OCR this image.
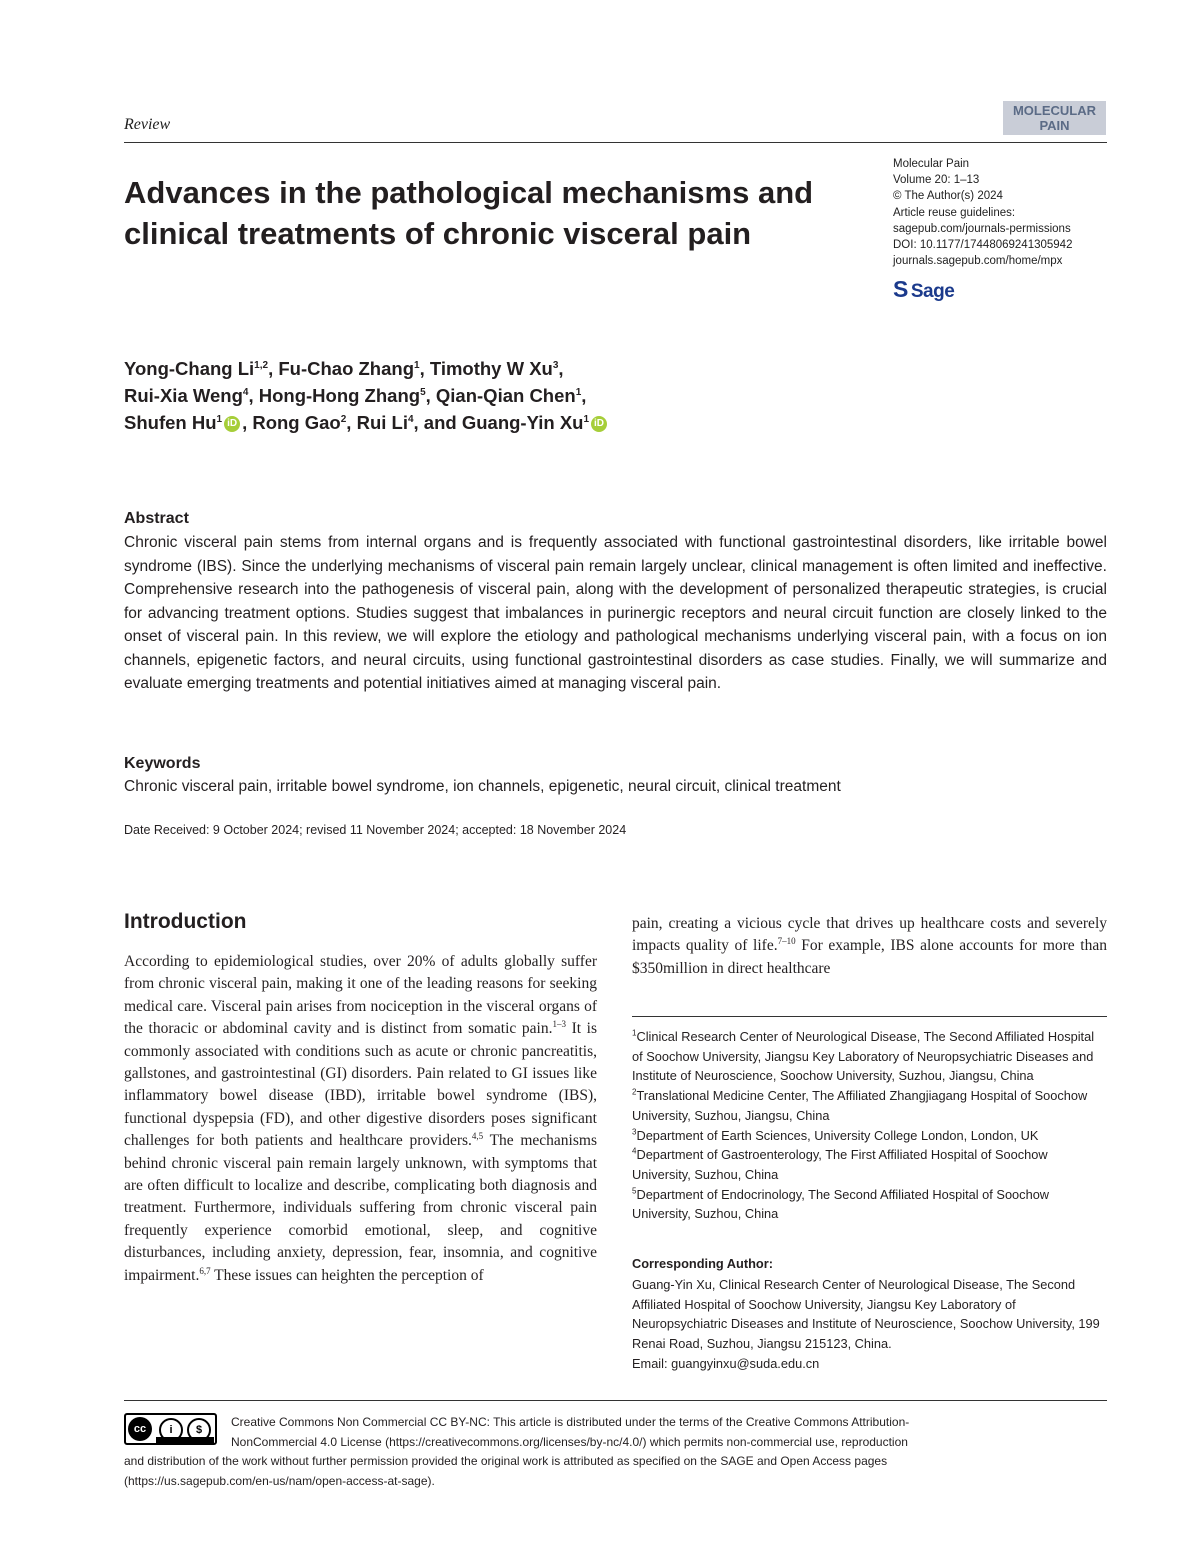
Review
MOLECULAR PAIN
Advances in the pathological mechanisms and clinical treatments of chronic visceral pain
Molecular Pain
Volume 20: 1–13
© The Author(s) 2024
Article reuse guidelines:
sagepub.com/journals-permissions
DOI: 10.1177/17448069241305942
journals.sagepub.com/home/mpx
S Sage
Yong-Chang Li$^{1,2}$, Fu-Chao Zhang$^1$, Timothy W Xu$^3$,
Rui-Xia Weng$^4$, Hong-Hong Zhang$^5$, Qian-Qian Chen$^1$,
Shufen Hu$^1$ iD , Rong Gao$^2$, Rui Li$^4$, and Guang-Yin Xu$^1$ iD
Abstract
Chronic visceral pain stems from internal organs and is frequently associated with functional gastrointestinal disorders, like irritable bowel syndrome (IBS). Since the underlying mechanisms of visceral pain remain largely unclear, clinical management is often limited and ineffective. Comprehensive research into the pathogenesis of visceral pain, along with the development of personalized therapeutic strategies, is crucial for advancing treatment options. Studies suggest that imbalances in purinergic receptors and neural circuit function are closely linked to the onset of visceral pain. In this review, we will explore the etiology and pathological mechanisms underlying visceral pain, with a focus on ion channels, epigenetic factors, and neural circuits, using functional gastrointestinal disorders as case studies. Finally, we will summarize and evaluate emerging treatments and potential initiatives aimed at managing visceral pain.
Keywords
Chronic visceral pain, irritable bowel syndrome, ion channels, epigenetic, neural circuit, clinical treatment
Date Received: 9 October 2024; revised 11 November 2024; accepted: 18 November 2024
Introduction
According to epidemiological studies, over 20% of adults globally suffer from chronic visceral pain, making it one of the leading reasons for seeking medical care. Visceral pain arises from nociception in the visceral organs of the thoracic or abdominal cavity and is distinct from somatic pain.$^{1-3}$ It is commonly associated with conditions such as acute or chronic pancreatitis, gallstones, and gastrointestinal (GI) disorders. Pain related to GI issues like inflammatory bowel disease (IBD), irritable bowel syndrome (IBS), functional dyspepsia (FD), and other digestive disorders poses significant challenges for both patients and healthcare providers.$^{4,5}$ The mechanisms behind chronic visceral pain remain largely unknown, with symptoms that are often difficult to localize and describe, complicating both diagnosis and treatment. Furthermore, individuals suffering from chronic visceral pain frequently experience comorbid emotional, sleep, and cognitive disturbances, including anxiety, depression, fear, insomnia, and cognitive impairment.$^{6,7}$ These issues can heighten the perception of
pain, creating a vicious cycle that drives up healthcare costs and severely impacts quality of life.$^{7-10}$ For example, IBS alone accounts for more than $350million in direct healthcare
$^1$Clinical Research Center of Neurological Disease, The Second Affiliated Hospital of Soochow University, Jiangsu Key Laboratory of Neuropsychiatric Diseases and Institute of Neuroscience, Soochow University, Suzhou, Jiangsu, China
$^2$Translational Medicine Center, The Affiliated Zhangjiagang Hospital of Soochow University, Suzhou, Jiangsu, China
$^3$Department of Earth Sciences, University College London, London, UK
$^4$Department of Gastroenterology, The First Affiliated Hospital of Soochow University, Suzhou, China
$^5$Department of Endocrinology, The Second Affiliated Hospital of Soochow University, Suzhou, China
Corresponding Author:
Guang-Yin Xu, Clinical Research Center of Neurological Disease, The Second Affiliated Hospital of Soochow University, Jiangsu Key Laboratory of Neuropsychiatric Diseases and Institute of Neuroscience, Soochow University, 199 Renai Road, Suzhou, Jiangsu 215123, China.
Email: guangyinxu@suda.edu.cn
cc	i	$
Creative Commons Non Commercial CC BY-NC: This article is distributed under the terms of the Creative Commons Attribution-
NonCommercial 4.0 License (https://creativecommons.org/licenses/by-nc/4.0/) which permits non-commercial use, reproduction
and distribution of the work without further permission provided the original work is attributed as specified on the SAGE and Open Access pages
(https://us.sagepub.com/en-us/nam/open-access-at-sage).
